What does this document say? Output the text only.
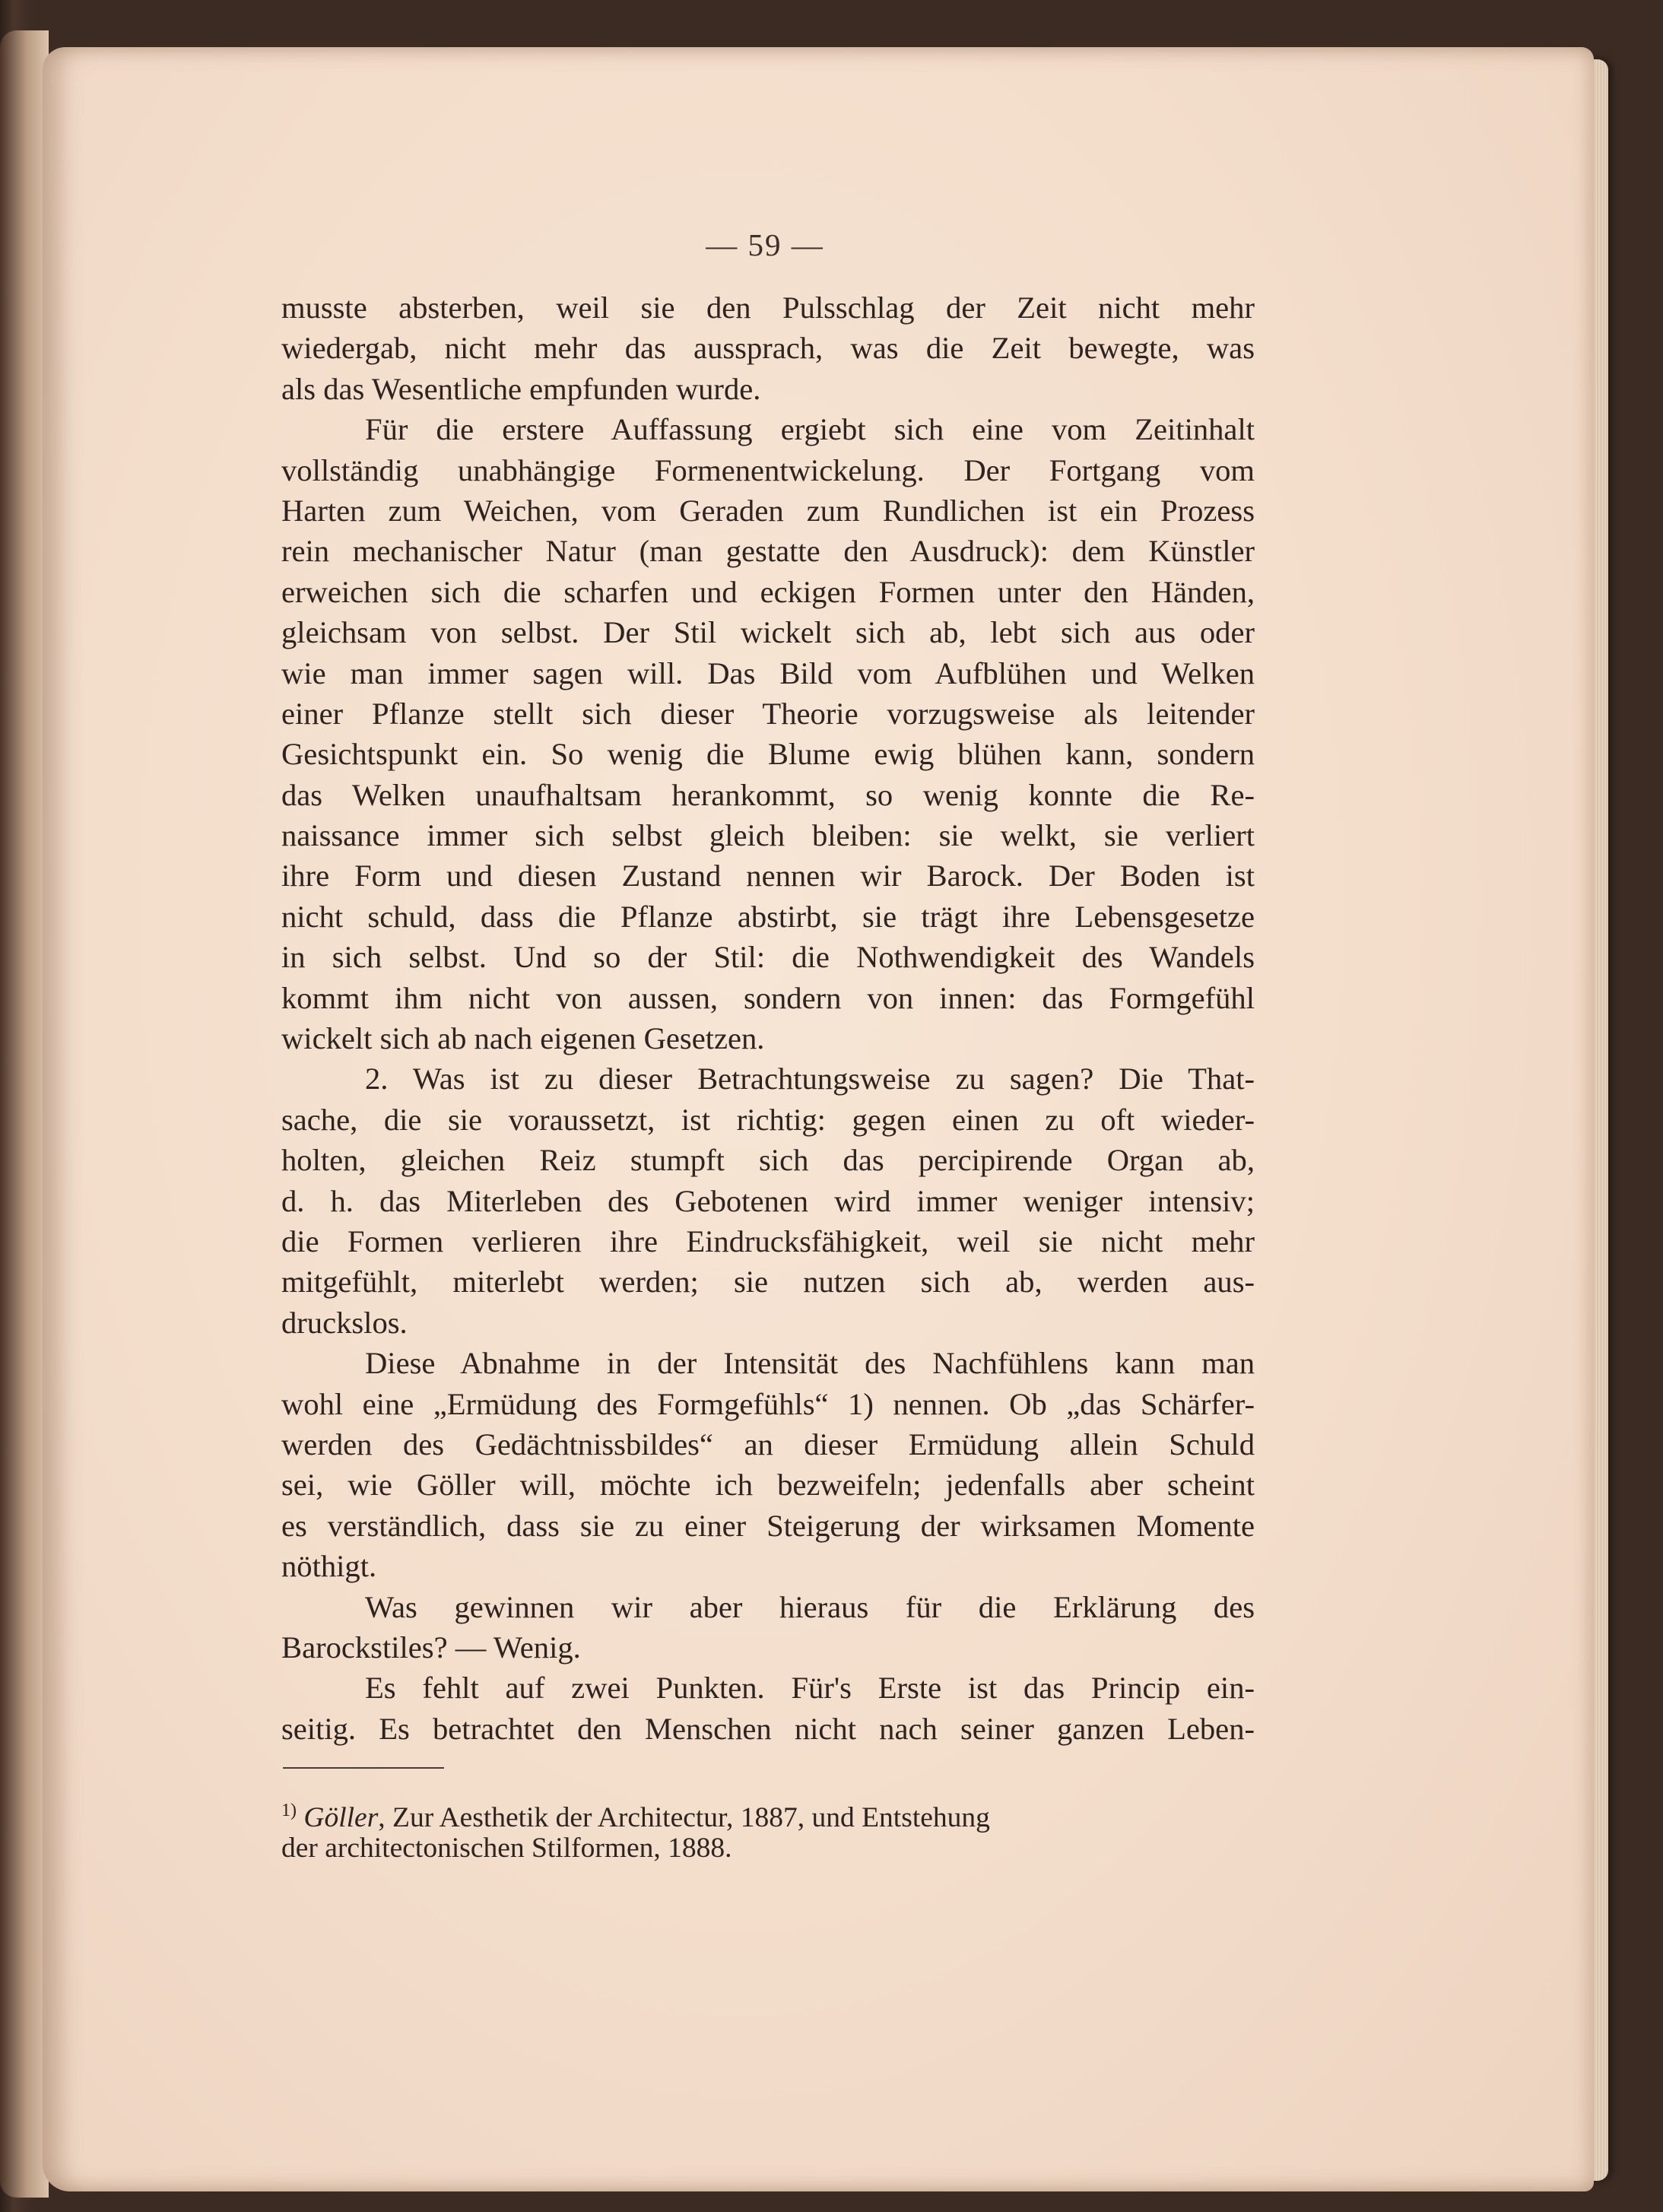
— 59 —
musste absterben, weil sie den Pulsschlag der Zeit nicht mehr
wiedergab, nicht mehr das aussprach, was die Zeit bewegte, was
als das Wesentliche empfunden wurde.
Für die erstere Auffassung ergiebt sich eine vom Zeitinhalt
vollständig unabhängige Formenentwickelung. Der Fortgang vom
Harten zum Weichen, vom Geraden zum Rundlichen ist ein Prozess
rein mechanischer Natur (man gestatte den Ausdruck): dem Künstler
erweichen sich die scharfen und eckigen Formen unter den Händen,
gleichsam von selbst. Der Stil wickelt sich ab, lebt sich aus oder
wie man immer sagen will. Das Bild vom Aufblühen und Welken
einer Pflanze stellt sich dieser Theorie vorzugsweise als leitender
Gesichtspunkt ein. So wenig die Blume ewig blühen kann, sondern
das Welken unaufhaltsam herankommt, so wenig konnte die Re-
naissance immer sich selbst gleich bleiben: sie welkt, sie verliert
ihre Form und diesen Zustand nennen wir Barock. Der Boden ist
nicht schuld, dass die Pflanze abstirbt, sie trägt ihre Lebensgesetze
in sich selbst. Und so der Stil: die Nothwendigkeit des Wandels
kommt ihm nicht von aussen, sondern von innen: das Formgefühl
wickelt sich ab nach eigenen Gesetzen.
2. Was ist zu dieser Betrachtungsweise zu sagen? Die That-
sache, die sie voraussetzt, ist richtig: gegen einen zu oft wieder-
holten, gleichen Reiz stumpft sich das percipirende Organ ab,
d. h. das Miterleben des Gebotenen wird immer weniger intensiv;
die Formen verlieren ihre Eindrucksfähigkeit, weil sie nicht mehr
mitgefühlt, miterlebt werden; sie nutzen sich ab, werden aus-
druckslos.
Diese Abnahme in der Intensität des Nachfühlens kann man
wohl eine „Ermüdung des Formgefühls“ 1) nennen. Ob „das Schärfer-
werden des Gedächtnissbildes“ an dieser Ermüdung allein Schuld
sei, wie Göller will, möchte ich bezweifeln; jedenfalls aber scheint
es verständlich, dass sie zu einer Steigerung der wirksamen Momente
nöthigt.
Was gewinnen wir aber hieraus für die Erklärung des
Barockstiles? — Wenig.
Es fehlt auf zwei Punkten. Für's Erste ist das Princip ein-
seitig. Es betrachtet den Menschen nicht nach seiner ganzen Leben-
$^{1)}$ Göller, Zur Aesthetik der Architectur, 1887, und Entstehung
der architectonischen Stilformen, 1888.
